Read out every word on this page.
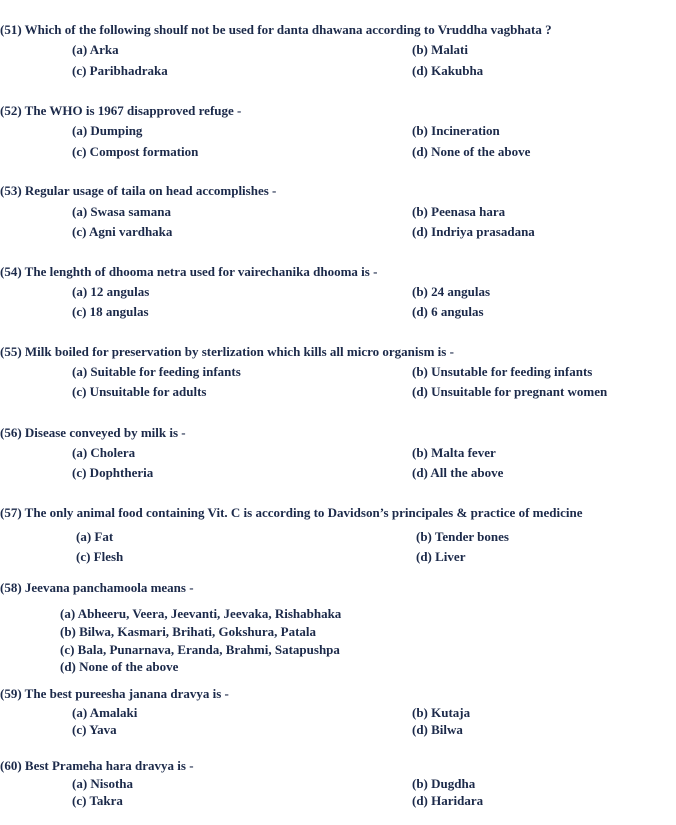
(51) Which of the following shoulf not be used for danta dhawana according to Vruddha vagbhata ?
(a) Arka	(b) Malati
(c) Paribhadraka	(d) Kakubha
(52) The WHO is 1967 disapproved refuge -
(a) Dumping	(b) Incineration
(c) Compost formation	(d) None of the above
(53) Regular usage of taila on head accomplishes -
(a) Swasa samana	(b) Peenasa hara
(c) Agni vardhaka	(d) Indriya prasadana
(54) The lenghth of dhooma netra used for vairechanika dhooma is -
(a) 12 angulas	(b) 24 angulas
(c) 18 angulas	(d) 6 angulas
(55) Milk boiled for preservation by sterlization which kills all micro organism is -
(a) Suitable for feeding infants	(b) Unsutable for feeding infants
(c) Unsuitable for adults	(d) Unsuitable for pregnant women
(56) Disease conveyed by milk is -
(a) Cholera	(b) Malta fever
(c) Dophtheria	(d) All the above
(57) The only animal food containing Vit. C is according to Davidson’s principales & practice of medicine
(a) Fat	(b) Tender bones
(c) Flesh	(d) Liver
(58) Jeevana panchamoola means -
(a) Abheeru, Veera, Jeevanti, Jeevaka, Rishabhaka
(b) Bilwa, Kasmari, Brihati, Gokshura, Patala
(c) Bala, Punarnava, Eranda, Brahmi, Satapushpa
(d) None of the above
(59) The best pureesha janana dravya is -
(a) Amalaki	(b) Kutaja
(c) Yava	(d) Bilwa
(60) Best Prameha hara dravya is -
(a) Nisotha	(b) Dugdha
(c) Takra	(d) Haridara
